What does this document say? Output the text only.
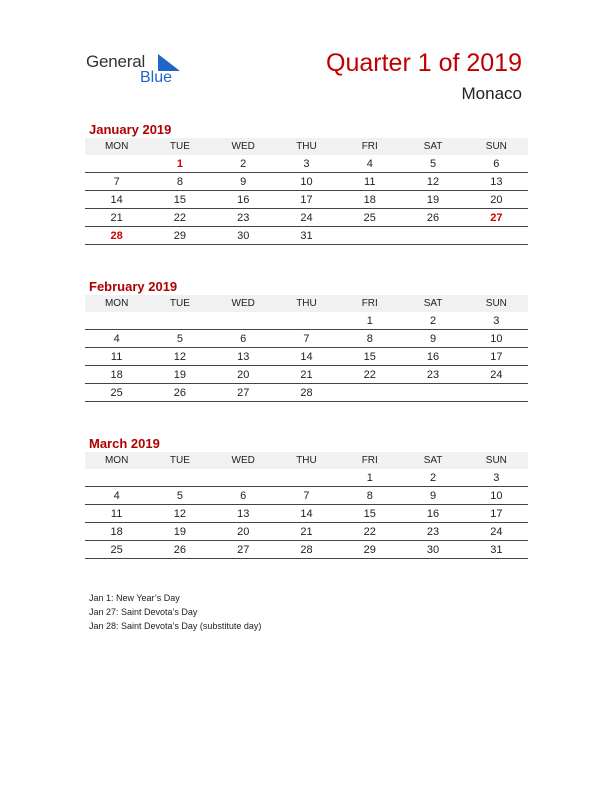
General
Blue
Quarter 1 of 2019
Monaco
January 2019
MON	TUE	WED	THU	FRI	SAT	SUN
	1	2	3	4	5	6
7	8	9	10	11	12	13
14	15	16	17	18	19	20
21	22	23	24	25	26	27
28	29	30	31			
February 2019
MON	TUE	WED	THU	FRI	SAT	SUN
				1	2	3
4	5	6	7	8	9	10
11	12	13	14	15	16	17
18	19	20	21	22	23	24
25	26	27	28			
March 2019
MON	TUE	WED	THU	FRI	SAT	SUN
				1	2	3
4	5	6	7	8	9	10
11	12	13	14	15	16	17
18	19	20	21	22	23	24
25	26	27	28	29	30	31
Jan 1: New Year’s Day
Jan 27: Saint Devota’s Day
Jan 28: Saint Devota’s Day (substitute day)
